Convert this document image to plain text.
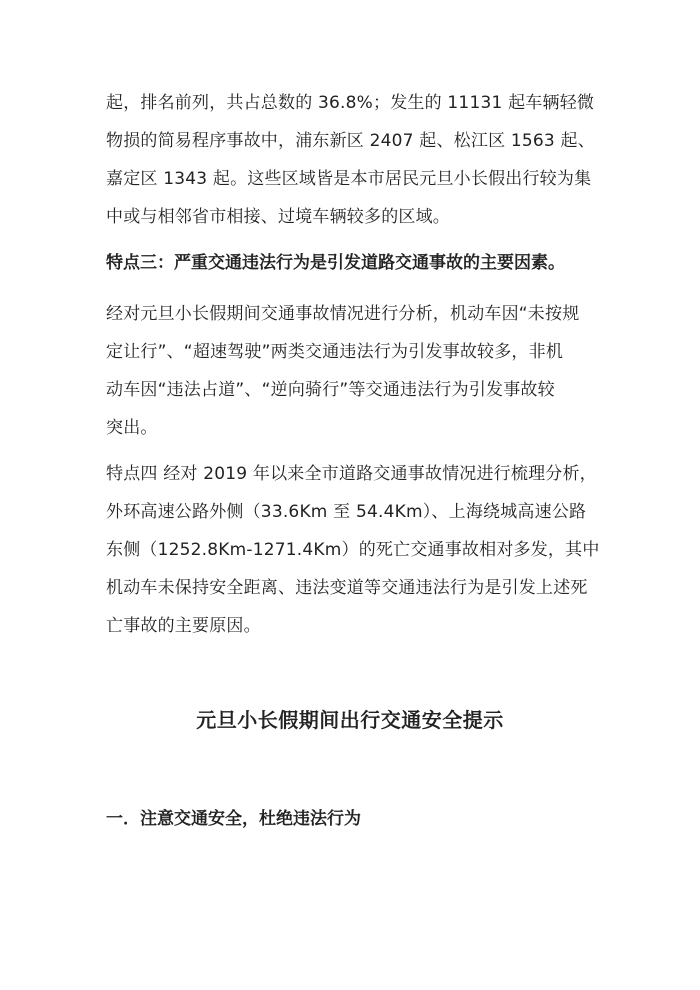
起，排名前列，共占总数的 36.8%；发生的 11131 起车辆轻微
物损的简易程序事故中，浦东新区 2407 起、松江区 1563 起、
嘉定区 1343 起。这些区域皆是本市居民元旦小长假出行较为集
中或与相邻省市相接、过境车辆较多的区域。

特点三：严重交通违法行为是引发道路交通事故的主要因素。

经对元旦小长假期间交通事故情况进行分析，机动车因“未按规
定让行”、“超速驾驶”两类交通违法行为引发事故较多，非机
动车因“违法占道”、“逆向骑行”等交通违法行为引发事故较
突出。

特点四 经对 2019 年以来全市道路交通事故情况进行梳理分析，
外环高速公路外侧（33.6Km 至 54.4Km）、上海绕城高速公路
东侧（1252.8Km-1271.4Km）的死亡交通事故相对多发，其中
机动车未保持安全距离、违法变道等交通违法行为是引发上述死
亡事故的主要原因。

元旦小长假期间出行交通安全提示
一．注意交通安全，杜绝违法行为
